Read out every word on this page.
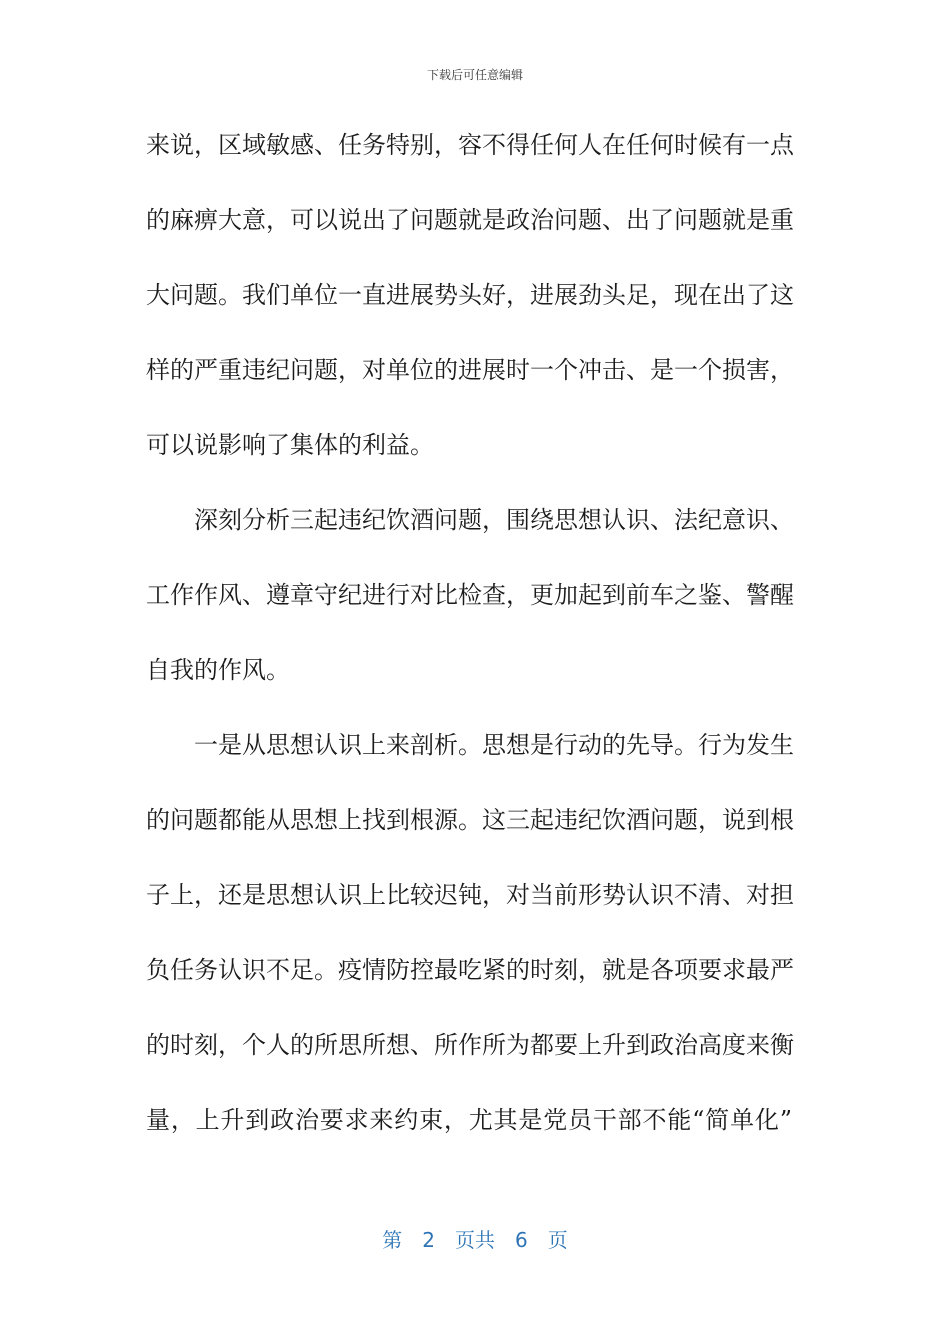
下载后可任意编辑
来说，区域敏感、任务特别，容不得任何人在任何时候有一点
的麻痹大意，可以说出了问题就是政治问题、出了问题就是重
大问题。我们单位一直进展势头好，进展劲头足，现在出了这
样的严重违纪问题，对单位的进展时一个冲击、是一个损害，
可以说影响了集体的利益。
深刻分析三起违纪饮酒问题，围绕思想认识、法纪意识、
工作作风、遵章守纪进行对比检查，更加起到前车之鉴、警醒
自我的作风。
一是从思想认识上来剖析。思想是行动的先导。行为发生
的问题都能从思想上找到根源。这三起违纪饮酒问题，说到根
子上，还是思想认识上比较迟钝，对当前形势认识不清、对担
负任务认识不足。疫情防控最吃紧的时刻，就是各项要求最严
的时刻，个人的所思所想、所作所为都要上升到政治高度来衡
量，上升到政治要求来约束，尤其是党员干部不能“简单化”
第 2 页共 6 页
